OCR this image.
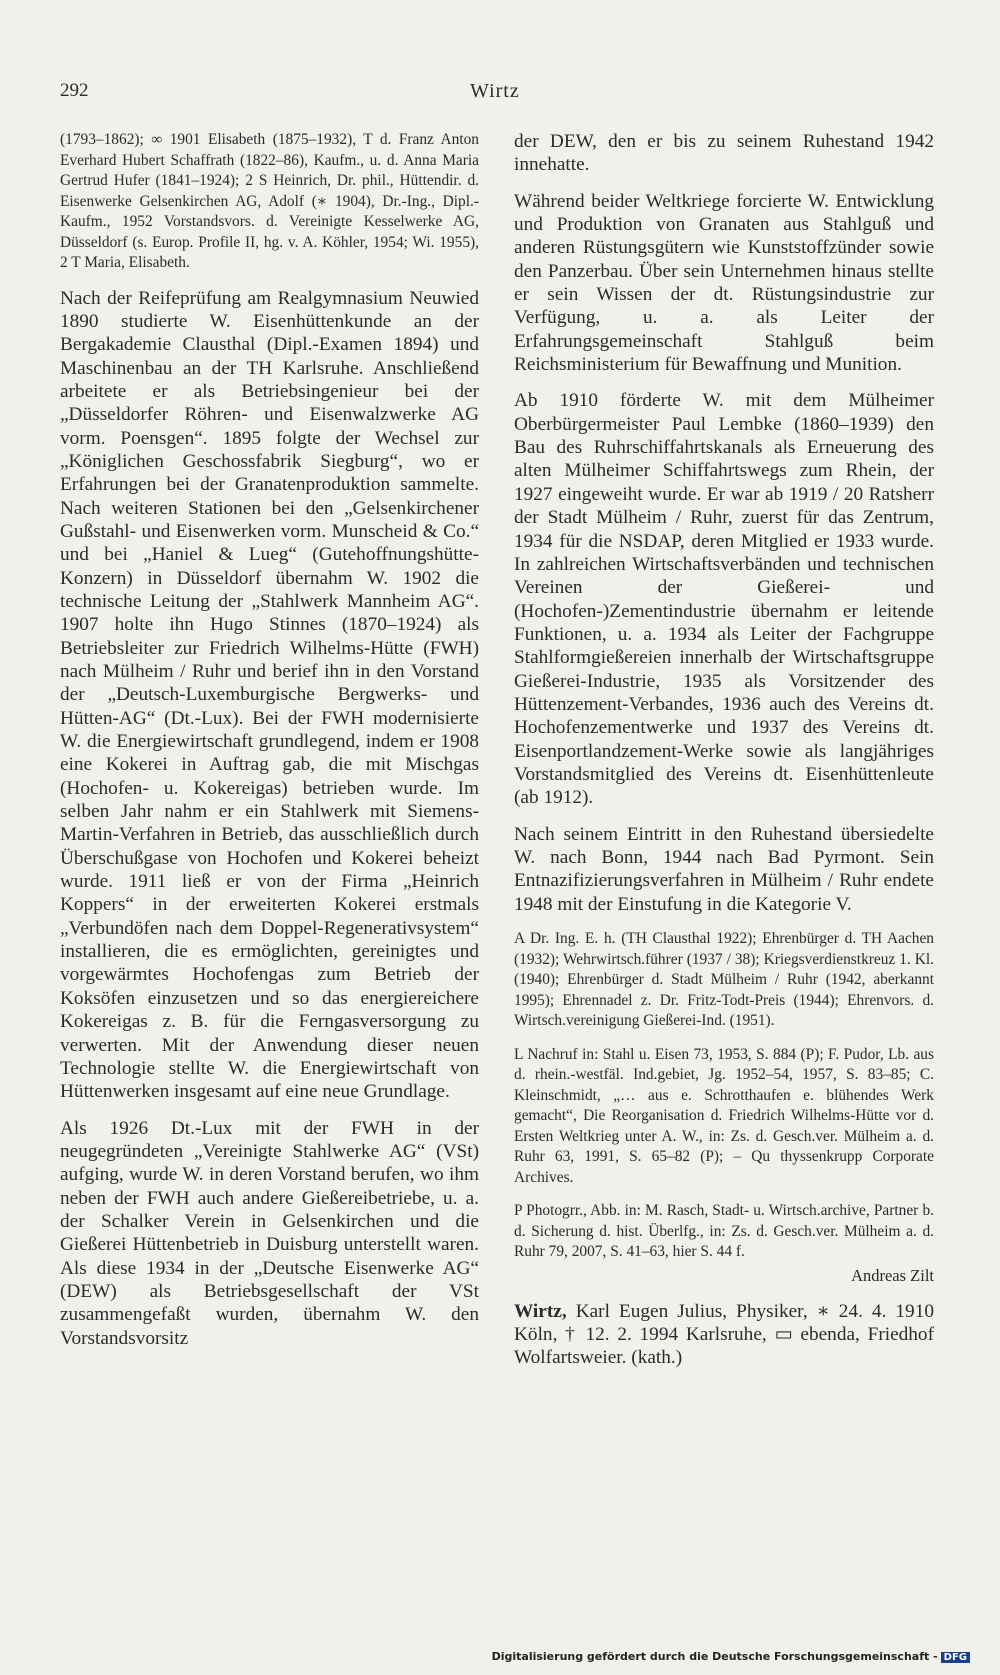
292	Wirtz

(1793–1862); ∞ 1901 Elisabeth (1875–1932), T d. Franz Anton Everhard Hubert Schaffrath (1822–86), Kaufm., u. d. Anna Maria Gertrud Hufer (1841–1924); 2 S Heinrich, Dr. phil., Hüttendir. d. Eisenwerke Gelsenkirchen AG, Adolf (∗ 1904), Dr.-Ing., Dipl.-Kaufm., 1952 Vorstandsvors. d. Vereinigte Kesselwerke AG, Düsseldorf (s. Europ. Profile II, hg. v. A. Köhler, 1954; Wi. 1955), 2 T Maria, Elisabeth.

Nach der Reifeprüfung am Realgymnasium Neuwied 1890 studierte W. Eisenhüttenkunde an der Bergakademie Clausthal (Dipl.-Examen 1894) und Maschinenbau an der TH Karlsruhe. Anschließend arbeitete er als Betriebsingenieur bei der „Düsseldorfer Röhren- und Eisenwalzwerke AG vorm. Poensgen“. 1895 folgte der Wechsel zur „Königlichen Geschossfabrik Siegburg“, wo er Erfahrungen bei der Granatenproduktion sammelte. Nach weiteren Stationen bei den „Gelsenkirchener Gußstahl- und Eisenwerken vorm. Munscheid & Co.“ und bei „Haniel & Lueg“ (Gutehoffnungshütte-Konzern) in Düsseldorf übernahm W. 1902 die technische Leitung der „Stahlwerk Mannheim AG“. 1907 holte ihn Hugo Stinnes (1870–1924) als Betriebsleiter zur Friedrich Wilhelms-Hütte (FWH) nach Mülheim / Ruhr und berief ihn in den Vorstand der „Deutsch-Luxemburgische Bergwerks- und Hütten-AG“ (Dt.-Lux). Bei der FWH modernisierte W. die Energiewirtschaft grundlegend, indem er 1908 eine Kokerei in Auftrag gab, die mit Mischgas (Hochofen- u. Kokereigas) betrieben wurde. Im selben Jahr nahm er ein Stahlwerk mit Siemens-Martin-Verfahren in Betrieb, das ausschließlich durch Überschußgase von Hochofen und Kokerei beheizt wurde. 1911 ließ er von der Firma „Heinrich Koppers“ in der erweiterten Kokerei erstmals „Verbundöfen nach dem Doppel-Regenerativsystem“ installieren, die es ermöglichten, gereinigtes und vorgewärmtes Hochofengas zum Betrieb der Koksöfen einzusetzen und so das energiereichere Kokereigas z. B. für die Ferngasversorgung zu verwerten. Mit der Anwendung dieser neuen Technologie stellte W. die Energiewirtschaft von Hüttenwerken insgesamt auf eine neue Grundlage.

Als 1926 Dt.-Lux mit der FWH in der neugegründeten „Vereinigte Stahlwerke AG“ (VSt) aufging, wurde W. in deren Vorstand berufen, wo ihm neben der FWH auch andere Gießereibetriebe, u. a. der Schalker Verein in Gelsenkirchen und die Gießerei Hüttenbetrieb in Duisburg unterstellt waren. Als diese 1934 in der „Deutsche Eisenwerke AG“ (DEW) als Betriebsgesellschaft der VSt zusammengefaßt wurden, übernahm W. den Vorstandsvorsitz

der DEW, den er bis zu seinem Ruhestand 1942 innehatte.

Während beider Weltkriege forcierte W. Entwicklung und Produktion von Granaten aus Stahlguß und anderen Rüstungsgütern wie Kunststoffzünder sowie den Panzerbau. Über sein Unternehmen hinaus stellte er sein Wissen der dt. Rüstungsindustrie zur Verfügung, u. a. als Leiter der Erfahrungsgemeinschaft Stahlguß beim Reichsministerium für Bewaffnung und Munition.

Ab 1910 förderte W. mit dem Mülheimer Oberbürgermeister Paul Lembke (1860–1939) den Bau des Ruhrschiffahrtskanals als Erneuerung des alten Mülheimer Schiffahrtswegs zum Rhein, der 1927 eingeweiht wurde. Er war ab 1919 / 20 Ratsherr der Stadt Mülheim / Ruhr, zuerst für das Zentrum, 1934 für die NSDAP, deren Mitglied er 1933 wurde. In zahlreichen Wirtschaftsverbänden und technischen Vereinen der Gießerei- und (Hochofen-)Zementindustrie übernahm er leitende Funktionen, u. a. 1934 als Leiter der Fachgruppe Stahlformgießereien innerhalb der Wirtschaftsgruppe Gießerei-Industrie, 1935 als Vorsitzender des Hüttenzement-Verbandes, 1936 auch des Vereins dt. Hochofenzementwerke und 1937 des Vereins dt. Eisenportlandzement-Werke sowie als langjähriges Vorstandsmitglied des Vereins dt. Eisenhüttenleute (ab 1912).

Nach seinem Eintritt in den Ruhestand übersiedelte W. nach Bonn, 1944 nach Bad Pyrmont. Sein Entnazifizierungsverfahren in Mülheim / Ruhr endete 1948 mit der Einstufung in die Kategorie V.

A Dr. Ing. E. h. (TH Clausthal 1922); Ehrenbürger d. TH Aachen (1932); Wehrwirtsch.führer (1937 / 38); Kriegsverdienstkreuz 1. Kl. (1940); Ehrenbürger d. Stadt Mülheim / Ruhr (1942, aberkannt 1995); Ehrennadel z. Dr. Fritz-Todt-Preis (1944); Ehrenvors. d. Wirtsch.vereinigung Gießerei-Ind. (1951).

L Nachruf in: Stahl u. Eisen 73, 1953, S. 884 (P); F. Pudor, Lb. aus d. rhein.-westfäl. Ind.gebiet, Jg. 1952–54, 1957, S. 83–85; C. Kleinschmidt, „… aus e. Schrotthaufen e. blühendes Werk gemacht“, Die Reorganisation d. Friedrich Wilhelms-Hütte vor d. Ersten Weltkrieg unter A. W., in: Zs. d. Gesch.ver. Mülheim a. d. Ruhr 63, 1991, S. 65–82 (P); – Qu thyssenkrupp Corporate Archives.

P Photogrr., Abb. in: M. Rasch, Stadt- u. Wirtsch.archive, Partner b. d. Sicherung d. hist. Überlfg., in: Zs. d. Gesch.ver. Mülheim a. d. Ruhr 79, 2007, S. 41–63, hier S. 44 f.

Andreas Zilt

Wirtz, Karl Eugen Julius, Physiker, ∗ 24. 4. 1910 Köln, † 12. 2. 1994 Karlsruhe, ▭ ebenda, Friedhof Wolfartsweier. (kath.)

Digitalisierung gefördert durch die Deutsche Forschungsgemeinschaft - DFG
